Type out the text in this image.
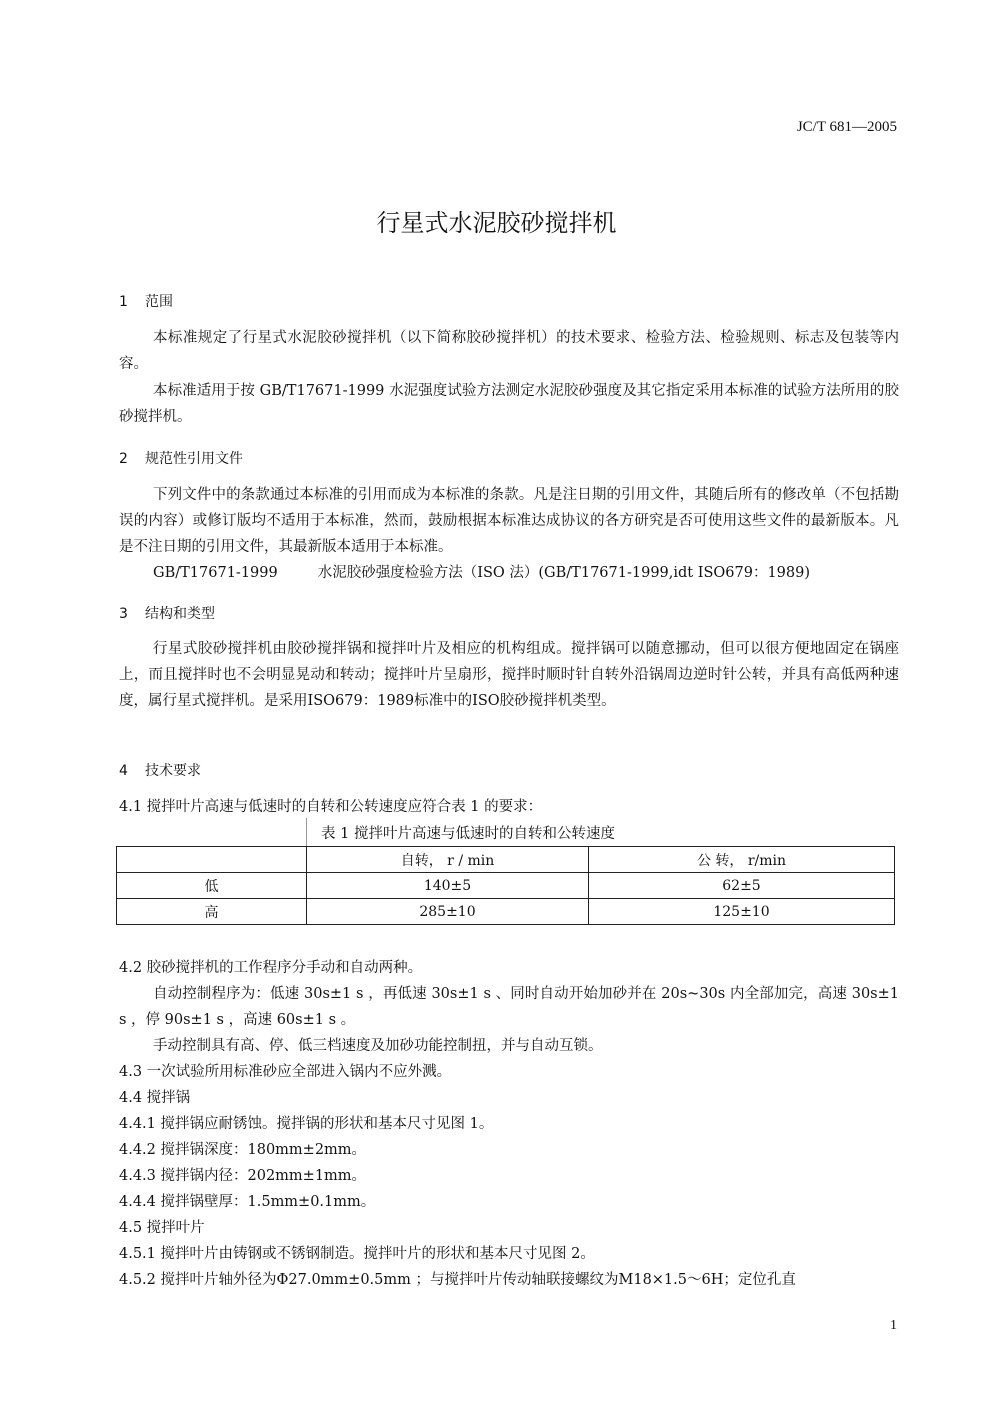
JC/T 681—2005
行星式水泥胶砂搅拌机
1 范围

本标准规定了行星式水泥胶砂搅拌机（以下简称胶砂搅拌机）的技术要求、检验方法、检验规则、标志及包装等内容。

本标准适用于按 GB/T17671-1999 水泥强度试验方法测定水泥胶砂强度及其它指定采用本标准的试验方法所用的胶砂搅拌机。

2 规范性引用文件

下列文件中的条款通过本标准的引用而成为本标准的条款。凡是注日期的引用文件，其随后所有的修改单（不包括勘误的内容）或修订版均不适用于本标准，然而，鼓励根据本标准达成协议的各方研究是否可使用这些文件的最新版本。凡是不注日期的引用文件，其最新版本适用于本标准。

GB/T17671-1999	水泥胶砂强度检验方法（ISO 法）(GB/T17671-1999,idt ISO679：1989)
3 结构和类型

行星式胶砂搅拌机由胶砂搅拌锅和搅拌叶片及相应的机构组成。搅拌锅可以随意挪动，但可以很方便地固定在锅座上，而且搅拌时也不会明显晃动和转动；搅拌叶片呈扇形，搅拌时顺时针自转外沿锅周边逆时针公转，并具有高低两种速度，属行星式搅拌机。是采用ISO679：1989标准中的ISO胶砂搅拌机类型。

4 技术要求
4.1 搅拌叶片高速与低速时的自转和公转速度应符合表 1 的要求：
表 1 搅拌叶片高速与低速时的自转和公转速度
	自转， r / min	公 转， r/min
低	140±5	62±5
高	285±10	125±10
4.2 胶砂搅拌机的工作程序分手动和自动两种。

自动控制程序为：低速 30s±1 s ，再低速 30s±1 s 、同时自动开始加砂并在 20s~30s 内全部加完，高速 30s±1 s ，停 90s±1 s ，高速 60s±1 s 。

手动控制具有高、停、低三档速度及加砂功能控制扭，并与自动互锁。
4.3 一次试验所用标准砂应全部进入锅内不应外溅。
4.4 搅拌锅
4.4.1 搅拌锅应耐锈蚀。搅拌锅的形状和基本尺寸见图 1。
4.4.2 搅拌锅深度：180mm±2mm。
4.4.3 搅拌锅内径：202mm±1mm。
4.4.4 搅拌锅壁厚：1.5mm±0.1mm。
4.5 搅拌叶片
4.5.1 搅拌叶片由铸钢或不锈钢制造。搅拌叶片的形状和基本尺寸见图 2。
4.5.2 搅拌叶片轴外径为Φ27.0mm±0.5mm ；与搅拌叶片传动轴联接螺纹为M18×1.5～6H；定位孔直
1
